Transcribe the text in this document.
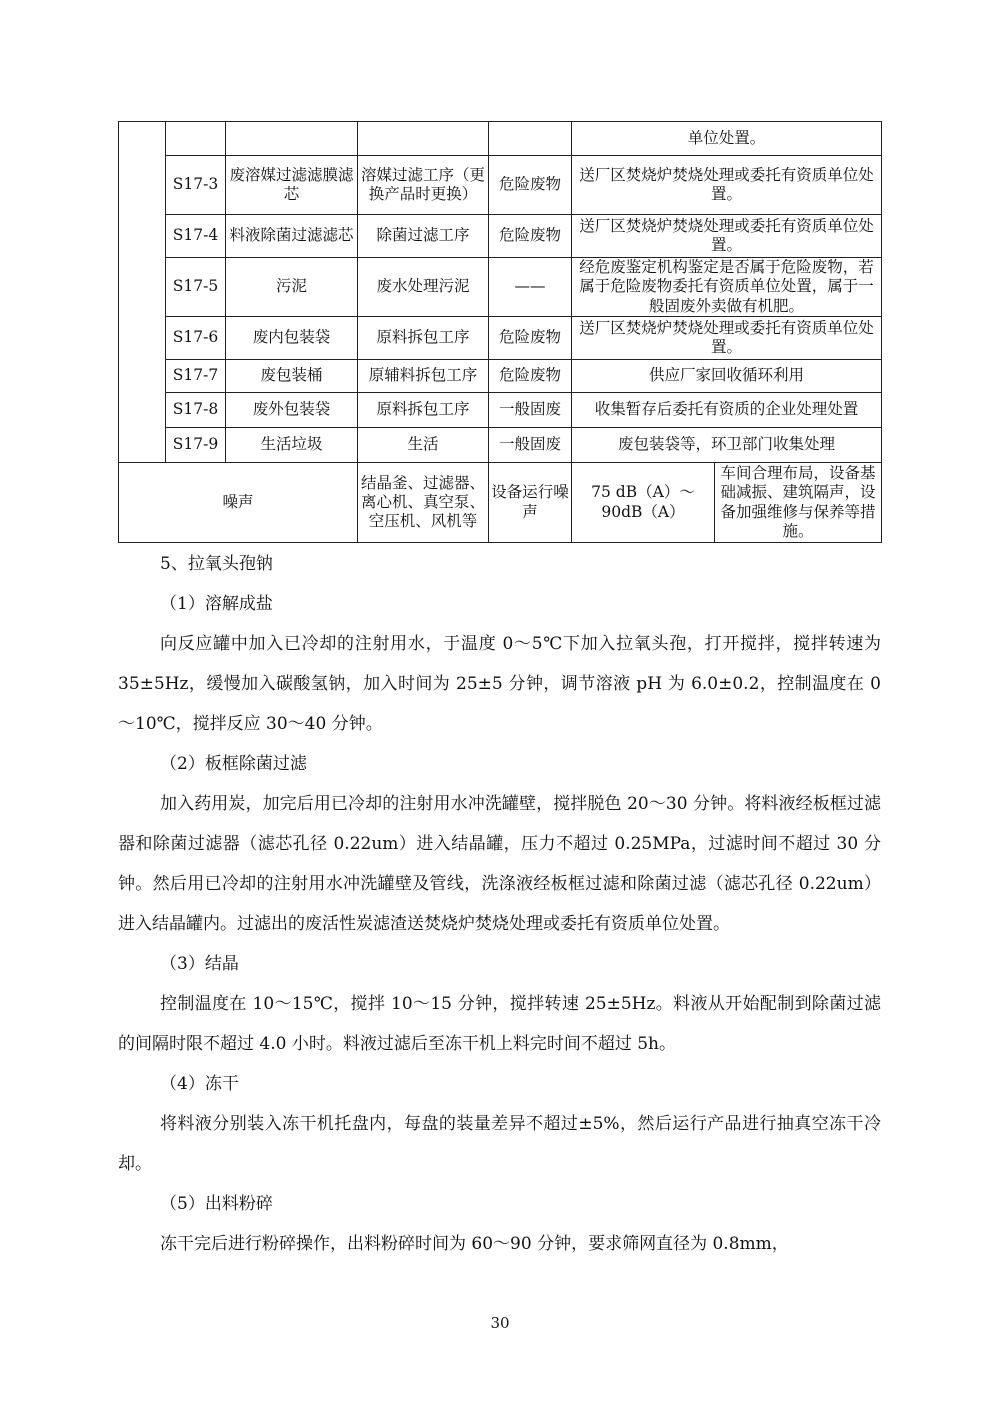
					单位处置。	
	S17-3	废溶媒过滤滤膜滤芯	溶媒过滤工序（更换产品时更换）	危险废物	送厂区焚烧炉焚烧处理或委托有资质单位处置。	
	S17-4	料液除菌过滤滤芯	除菌过滤工序	危险废物	送厂区焚烧炉焚烧处理或委托有资质单位处置。	
	S17-5	污泥	废水处理污泥	——	经危废鉴定机构鉴定是否属于危险废物，若属于危险废物委托有资质单位处置，属于一般固废外卖做有机肥。	
	S17-6	废内包装袋	原料拆包工序	危险废物	送厂区焚烧炉焚烧处理或委托有资质单位处置。	
	S17-7	废包装桶	原辅料拆包工序	危险废物	供应厂家回收循环利用	
	S17-8	废外包装袋	原料拆包工序	一般固废	收集暂存后委托有资质的企业处理处置	
	S17-9	生活垃圾	生活	一般固废	废包装袋等，环卫部门收集处理	
噪声			结晶釜、过滤器、离心机、真空泵、空压机、风机等	设备运行噪声	75 dB（A）～90dB（A）	车间合理布局，设备基础减振、建筑隔声，设备加强维修与保养等措施。
5、拉氧头孢钠
（1）溶解成盐

向反应罐中加入已冷却的注射用水，于温度 0～5℃下加入拉氧头孢，打开搅拌，搅拌转速为 35±5Hz，缓慢加入碳酸氢钠，加入时间为 25±5 分钟，调节溶液 pH 为 6.0±0.2，控制温度在 0～10℃，搅拌反应 30～40 分钟。

（2）板框除菌过滤

加入药用炭，加完后用已冷却的注射用水冲洗罐壁，搅拌脱色 20～30 分钟。将料液经板框过滤器和除菌过滤器（滤芯孔径 0.22um）进入结晶罐，压力不超过 0.25MPa，过滤时间不超过 30 分钟。然后用已冷却的注射用水冲洗罐壁及管线，洗涤液经板框过滤和除菌过滤（滤芯孔径 0.22um）进入结晶罐内。过滤出的废活性炭滤渣送焚烧炉焚烧处理或委托有资质单位处置。

（3）结晶

控制温度在 10～15℃，搅拌 10～15 分钟，搅拌转速 25±5Hz。料液从开始配制到除菌过滤的间隔时限不超过 4.0 小时。料液过滤后至冻干机上料完时间不超过 5h。

（4）冻干

将料液分别装入冻干机托盘内，每盘的装量差异不超过±5%，然后运行产品进行抽真空冻干冷却。

（5）出料粉碎

冻干完后进行粉碎操作，出料粉碎时间为 60～90 分钟，要求筛网直径为 0.8mm，

30
